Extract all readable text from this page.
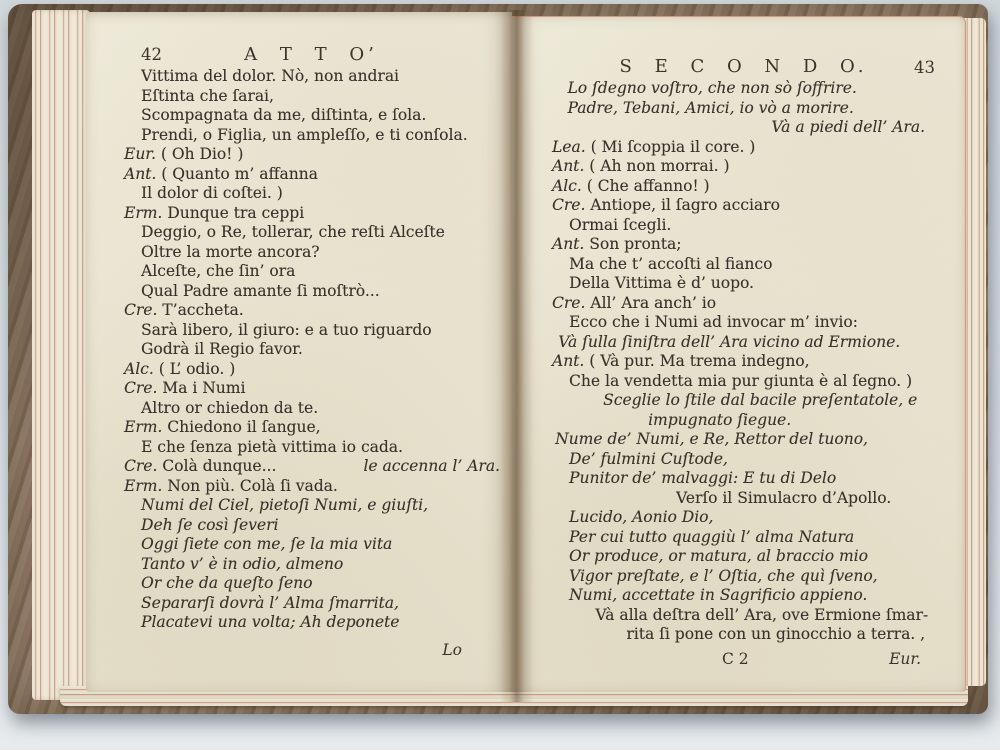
42	A T T O’
Vittima del dolor. Nò, non andrai
Eſtinta che ſarai,
Scompagnata da me, diſtinta, e ſola.
Prendi, o Figlia, un ampleſſo, e ti conſola.
Eur. ( Oh Dio! )
Ant. ( Quanto m’ affanna
Il dolor di coſtei. )
Erm. Dunque tra ceppi
Deggio, o Re, tollerar, che reſti Alceſte
Oltre la morte ancora?
Alceſte, che ſin’ ora
Qual Padre amante ſi moſtrò...
Cre. T’accheta.
Sarà libero, il giuro: e a tuo riguardo
Godrà il Regio favor.
Alc. ( L’ odio. )
Cre. Ma i Numi
Altro or chiedon da te.
Erm. Chiedono il ſangue,
E che ſenza pietà vittima io cada.
Cre. Colà dunque...	le accenna l’ Ara.
Erm. Non più. Colà ſi vada.
Numi del Ciel, pietoſi Numi, e giuſti,
Deh ſe così ſeveri
Oggi ſiete con me, ſe la mia vita
Tanto v’ è in odio, almeno
Or che da queſto ſeno
Separarſi dovrà l’ Alma ſmarrita,
Placatevi una volta; Ah deponete
Lo
S E C O N D O.	43
Lo ſdegno voſtro, che non sò ſoffrire.
Padre, Tebani, Amici, io vò a morire.
Và a piedi dell’ Ara.
Lea. ( Mi ſcoppia il core. )
Ant. ( Ah non morrai. )
Alc. ( Che affanno! )
Cre. Antiope, il ſagro acciaro
Ormai ſcegli.
Ant. Son pronta;
Ma che t’ accoſti al fianco
Della Vittima è d’ uopo.
Cre. All’ Ara anch’ io
Ecco che i Numi ad invocar m’ invio:
Và ſulla ſiniſtra dell’ Ara vicino ad Ermione.
Ant. ( Và pur. Ma trema indegno,
Che la vendetta mia pur giunta è al ſegno. )
Sceglie lo ſtile dal bacile preſentatole, e
impugnato ſiegue.
Nume de’ Numi, e Re, Rettor del tuono,
De’ fulmini Cuſtode,
Punitor de’ malvaggi: E tu di Delo
Verſo il Simulacro d’Apollo.
Lucido, Aonio Dio,
Per cui tutto quaggiù l’ alma Natura
Or produce, or matura, al braccio mio
Vigor preſtate, e l’ Oſtia, che quì ſveno,
Numi, accettate in Sagrificio appieno.
Và alla deſtra dell’ Ara, ove Ermione ſmar-
rita ſi pone con un ginocchio a terra. ,
C 2	Eur.
